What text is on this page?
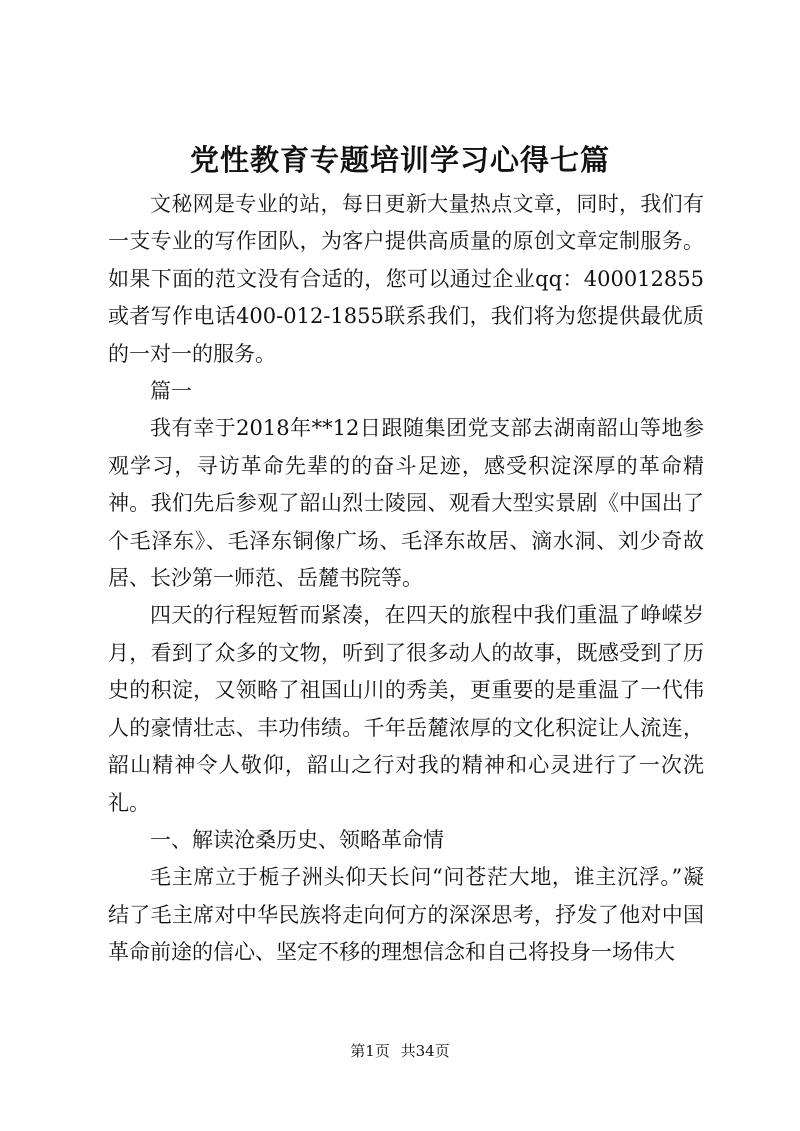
党性教育专题培训学习心得七篇

文秘网是专业的站，每日更新大量热点文章，同时，我们有一支专业的写作团队，为客户提供高质量的原创文章定制服务。如果下面的范文没有合适的，您可以通过企业qq：400012855或者写作电话400-012-1855联系我们，我们将为您提供最优质的一对一的服务。

篇一

我有幸于2018年**12日跟随集团党支部去湖南韶山等地参观学习，寻访革命先辈的的奋斗足迹，感受积淀深厚的革命精神。我们先后参观了韶山烈士陵园、观看大型实景剧《中国出了个毛泽东》、毛泽东铜像广场、毛泽东故居、滴水洞、刘少奇故居、长沙第一师范、岳麓书院等。

四天的行程短暂而紧凑，在四天的旅程中我们重温了峥嵘岁月，看到了众多的文物，听到了很多动人的故事，既感受到了历史的积淀，又领略了祖国山川的秀美，更重要的是重温了一代伟人的豪情壮志、丰功伟绩。千年岳麓浓厚的文化积淀让人流连，韶山精神令人敬仰，韶山之行对我的精神和心灵进行了一次洗礼。

一、解读沧桑历史、领略革命情

毛主席立于栀子洲头仰天长问“问苍茫大地，谁主沉浮。”凝结了毛主席对中华民族将走向何方的深深思考，抒发了他对中国革命前途的信心、坚定不移的理想信念和自己将投身一场伟大

第1页 共34页
